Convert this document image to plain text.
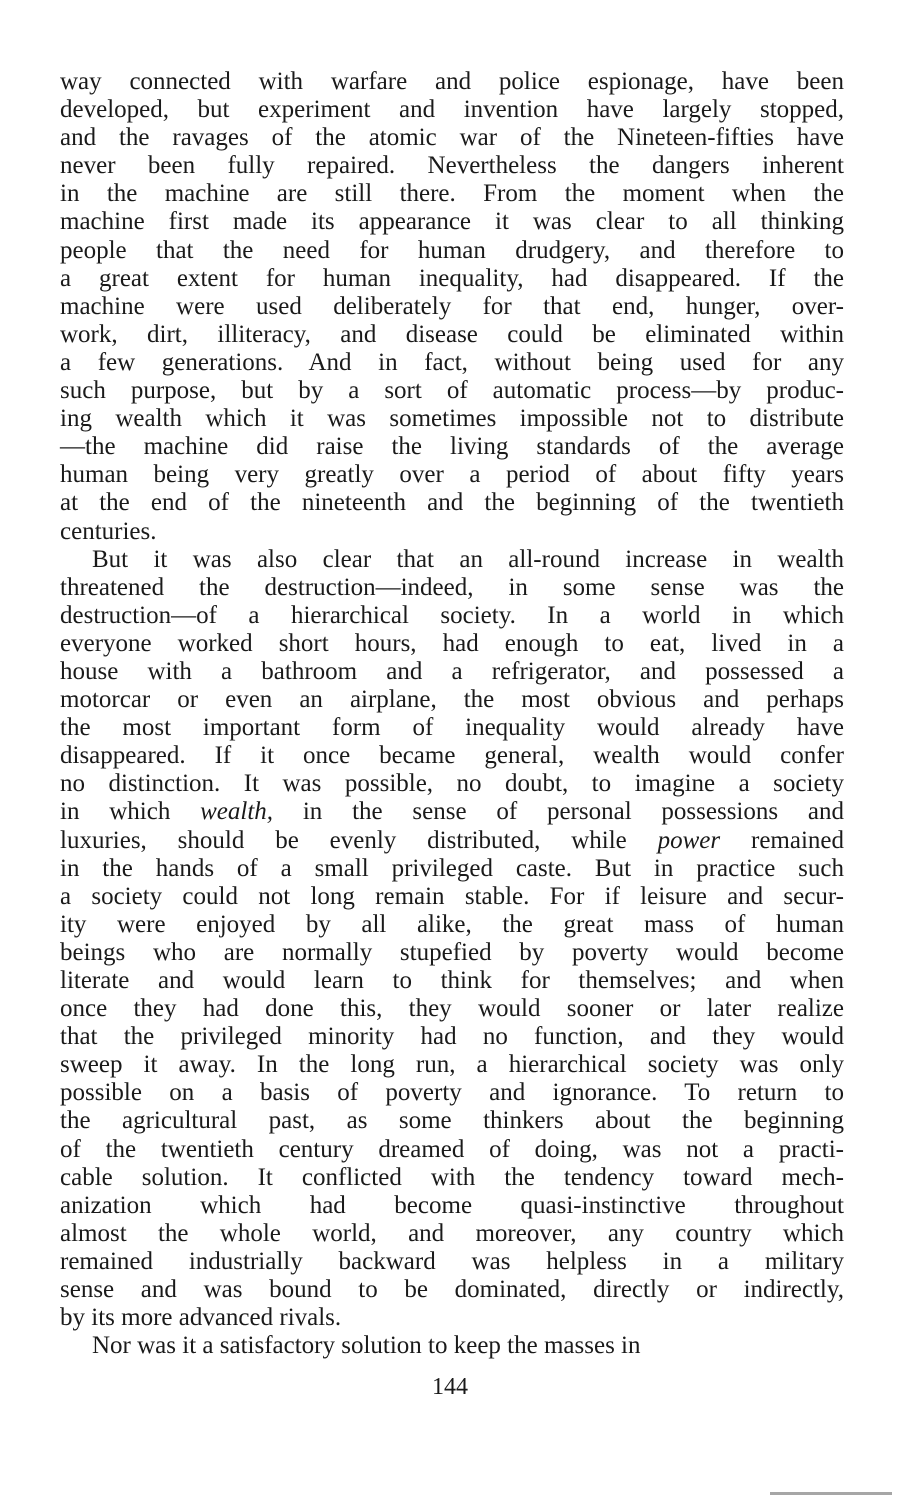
way connected with warfare and police espionage, have been
developed, but experiment and invention have largely stopped,
and the ravages of the atomic war of the Nineteen-fifties have
never been fully repaired. Nevertheless the dangers inherent
in the machine are still there. From the moment when the
machine first made its appearance it was clear to all thinking
people that the need for human drudgery, and therefore to
a great extent for human inequality, had disappeared. If the
machine were used deliberately for that end, hunger, over-
work, dirt, illiteracy, and disease could be eliminated within
a few generations. And in fact, without being used for any
such purpose, but by a sort of automatic process—by produc-
ing wealth which it was sometimes impossible not to distribute
—the machine did raise the living standards of the average
human being very greatly over a period of about fifty years
at the end of the nineteenth and the beginning of the twentieth
centuries.

But it was also clear that an all-round increase in wealth
threatened the destruction—indeed, in some sense was the
destruction—of a hierarchical society. In a world in which
everyone worked short hours, had enough to eat, lived in a
house with a bathroom and a refrigerator, and possessed a
motorcar or even an airplane, the most obvious and perhaps
the most important form of inequality would already have
disappeared. If it once became general, wealth would confer
no distinction. It was possible, no doubt, to imagine a society
in which wealth, in the sense of personal possessions and
luxuries, should be evenly distributed, while power remained
in the hands of a small privileged caste. But in practice such
a society could not long remain stable. For if leisure and secur-
ity were enjoyed by all alike, the great mass of human
beings who are normally stupefied by poverty would become
literate and would learn to think for themselves; and when
once they had done this, they would sooner or later realize
that the privileged minority had no function, and they would
sweep it away. In the long run, a hierarchical society was only
possible on a basis of poverty and ignorance. To return to
the agricultural past, as some thinkers about the beginning
of the twentieth century dreamed of doing, was not a practi-
cable solution. It conflicted with the tendency toward mech-
anization which had become quasi-instinctive throughout
almost the whole world, and moreover, any country which
remained industrially backward was helpless in a military
sense and was bound to be dominated, directly or indirectly,
by its more advanced rivals.

Nor was it a satisfactory solution to keep the masses in

144
